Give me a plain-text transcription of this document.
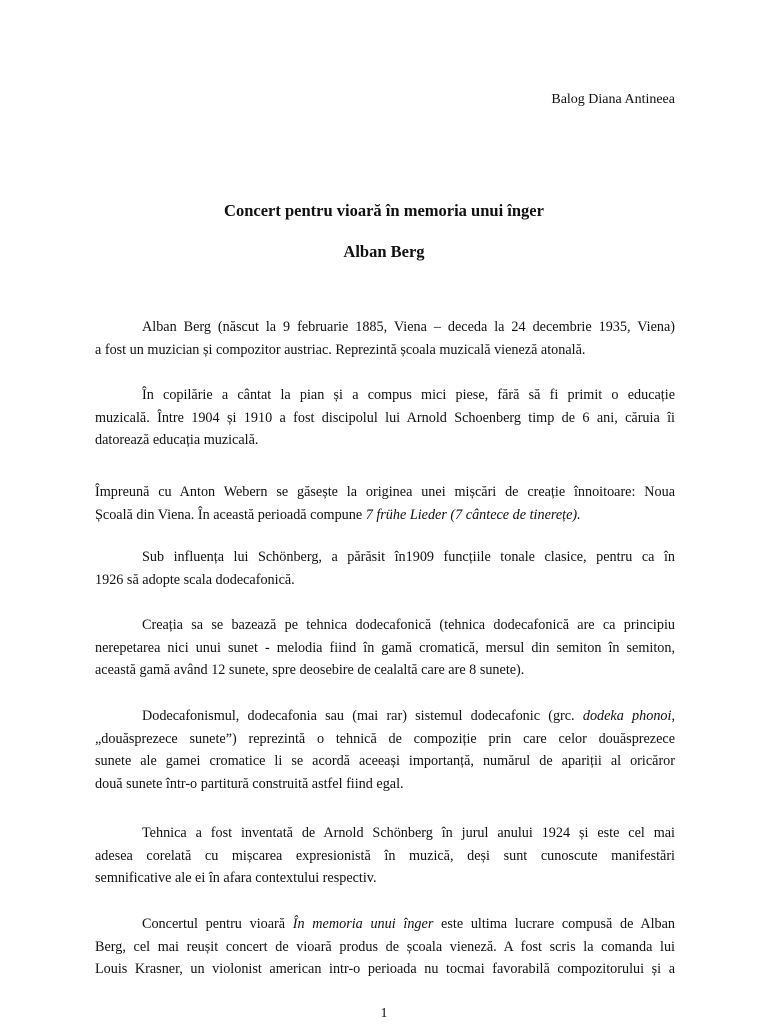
Balog Diana Antineea
Concert pentru vioară în memoria unui înger
Alban Berg
Alban Berg (născut la 9 februarie 1885, Viena – deceda la 24 decembrie 1935, Viena)
a fost un muzician și compozitor austriac. Reprezintă școala muzicală vieneză atonală.
În copilărie a cântat la pian și a compus mici piese, fără să fi primit o educație
muzicală. Între 1904 și 1910 a fost discipolul lui Arnold Schoenberg timp de 6 ani, căruia îi
datorează educația muzicală.
Împreună cu Anton Webern se găsește la originea unei mișcări de creație înnoitoare: Noua
Școală din Viena. În această perioadă compune 7 frühe Lieder (7 cântece de tinerețe).
Sub influența lui Schönberg, a părăsit în1909 funcțiile tonale clasice, pentru ca în
1926 să adopte scala dodecafonică.
Creația sa se bazează pe tehnica dodecafonică (tehnica dodecafonică are ca principiu
nerepetarea nici unui sunet - melodia fiind în gamă cromatică, mersul din semiton în semiton,
această gamă având 12 sunete, spre deosebire de cealaltă care are 8 sunete).
Dodecafonismul, dodecafonia sau (mai rar) sistemul dodecafonic (grc. dodeka phonoi,
„douăsprezece sunete”) reprezintă o tehnică de compoziție prin care celor douăsprezece
sunete ale gamei cromatice li se acordă aceeași importanță, numărul de apariții al oricăror
două sunete într-o partitură construită astfel fiind egal.
Tehnica a fost inventată de Arnold Schönberg în jurul anului 1924 și este cel mai
adesea corelată cu mișcarea expresionistă în muzică, deși sunt cunoscute manifestări
semnificative ale ei în afara contextului respectiv.
Concertul pentru vioară În memoria unui înger este ultima lucrare compusă de Alban
Berg, cel mai reușit concert de vioară produs de școala vieneză. A fost scris la comanda lui
Louis Krasner, un violonist american intr-o perioada nu tocmai favorabilă compozitorului și a
1
